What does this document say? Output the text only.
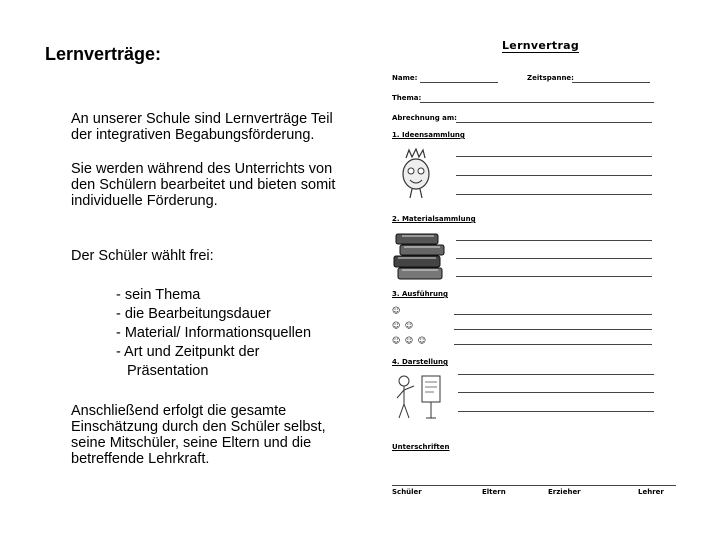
Lernverträge:
An unserer Schule sind Lernverträge Teil der integrativen Begabungsförderung.
Sie werden während des Unterrichts von den Schülern bearbeitet und bieten somit individuelle Förderung.
Der Schüler wählt frei:
- sein Thema
- die Bearbeitungsdauer
- Material/ Informationsquellen
- Art und Zeitpunkt der
Präsentation
Anschließend erfolgt die gesamte Einschätzung durch den Schüler selbst, seine Mitschüler, seine Eltern und die betreffende Lehrkraft.
Lernvertrag
Name:	Zeitspanne:
Thema:
Abrechnung am:
1. Ideensammlung
2. Materialsammlung
3. Ausführung
☺
☺ ☺
☺ ☺ ☺
4. Darstellung
Unterschriften
Schüler	Eltern	Erzieher	Lehrer
